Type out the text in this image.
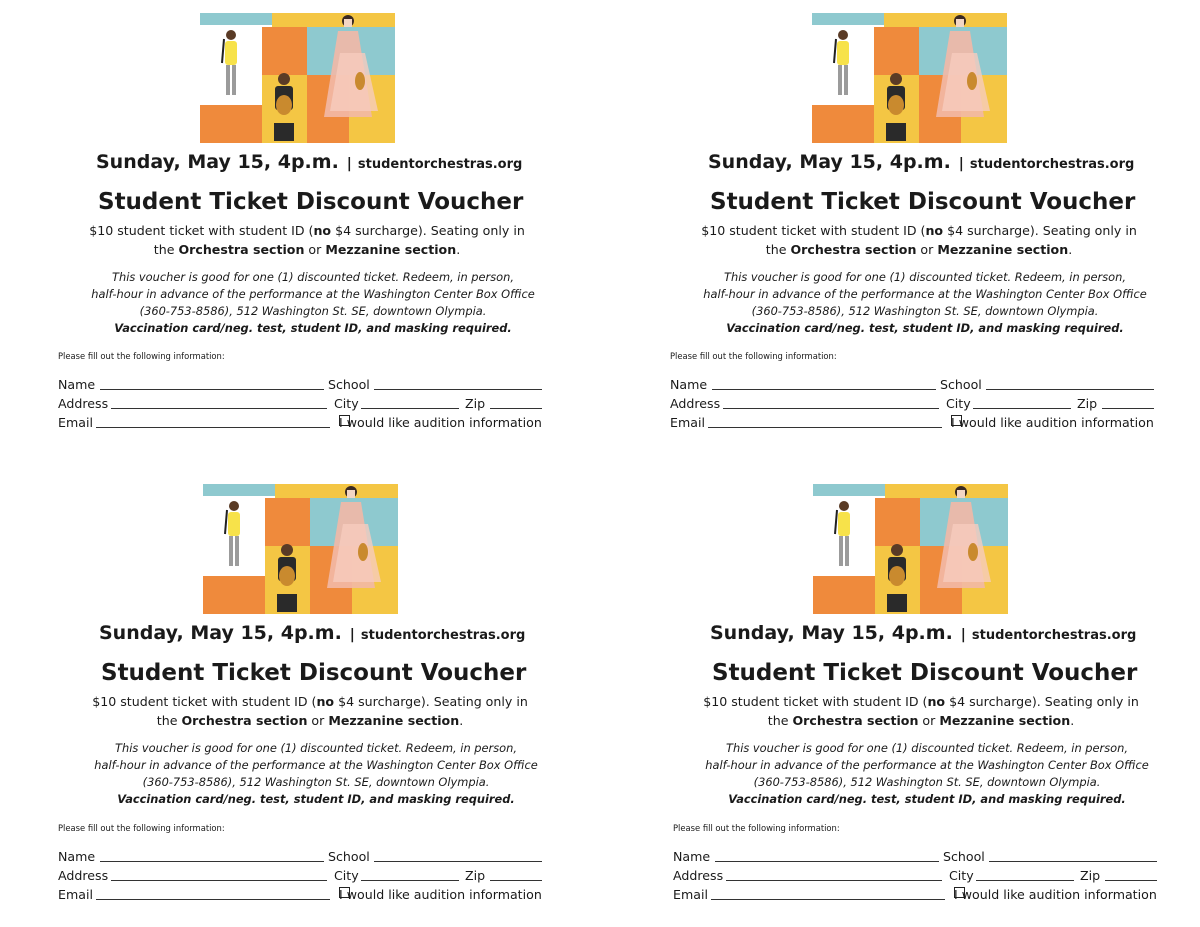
Sunday, May 15, 4p.m. | studentorchestras.org
Student Ticket Discount Voucher
$10 student ticket with student ID (no $4 surcharge). Seating only in
the Orchestra section or Mezzanine section.
This voucher is good for one (1) discounted ticket. Redeem, in person,
half-hour in advance of the performance at the Washington Center Box Office
(360-753-8586), 512 Washington St. SE, downtown Olympia.
Vaccination card/neg. test, student ID, and masking required.
Please fill out the following information:
Name	School
Address	City	Zip
Email	I would like audition information
Sunday, May 15, 4p.m. | studentorchestras.org
Student Ticket Discount Voucher
$10 student ticket with student ID (no $4 surcharge). Seating only in
the Orchestra section or Mezzanine section.
This voucher is good for one (1) discounted ticket. Redeem, in person,
half-hour in advance of the performance at the Washington Center Box Office
(360-753-8586), 512 Washington St. SE, downtown Olympia.
Vaccination card/neg. test, student ID, and masking required.
Please fill out the following information:
Name	School
Address	City	Zip
Email	I would like audition information
Sunday, May 15, 4p.m. | studentorchestras.org
Student Ticket Discount Voucher
$10 student ticket with student ID (no $4 surcharge). Seating only in
the Orchestra section or Mezzanine section.
This voucher is good for one (1) discounted ticket. Redeem, in person,
half-hour in advance of the performance at the Washington Center Box Office
(360-753-8586), 512 Washington St. SE, downtown Olympia.
Vaccination card/neg. test, student ID, and masking required.
Please fill out the following information:
Name	School
Address	City	Zip
Email	I would like audition information
Sunday, May 15, 4p.m. | studentorchestras.org
Student Ticket Discount Voucher
$10 student ticket with student ID (no $4 surcharge). Seating only in
the Orchestra section or Mezzanine section.
This voucher is good for one (1) discounted ticket. Redeem, in person,
half-hour in advance of the performance at the Washington Center Box Office
(360-753-8586), 512 Washington St. SE, downtown Olympia.
Vaccination card/neg. test, student ID, and masking required.
Please fill out the following information:
Name	School
Address	City	Zip
Email	I would like audition information
